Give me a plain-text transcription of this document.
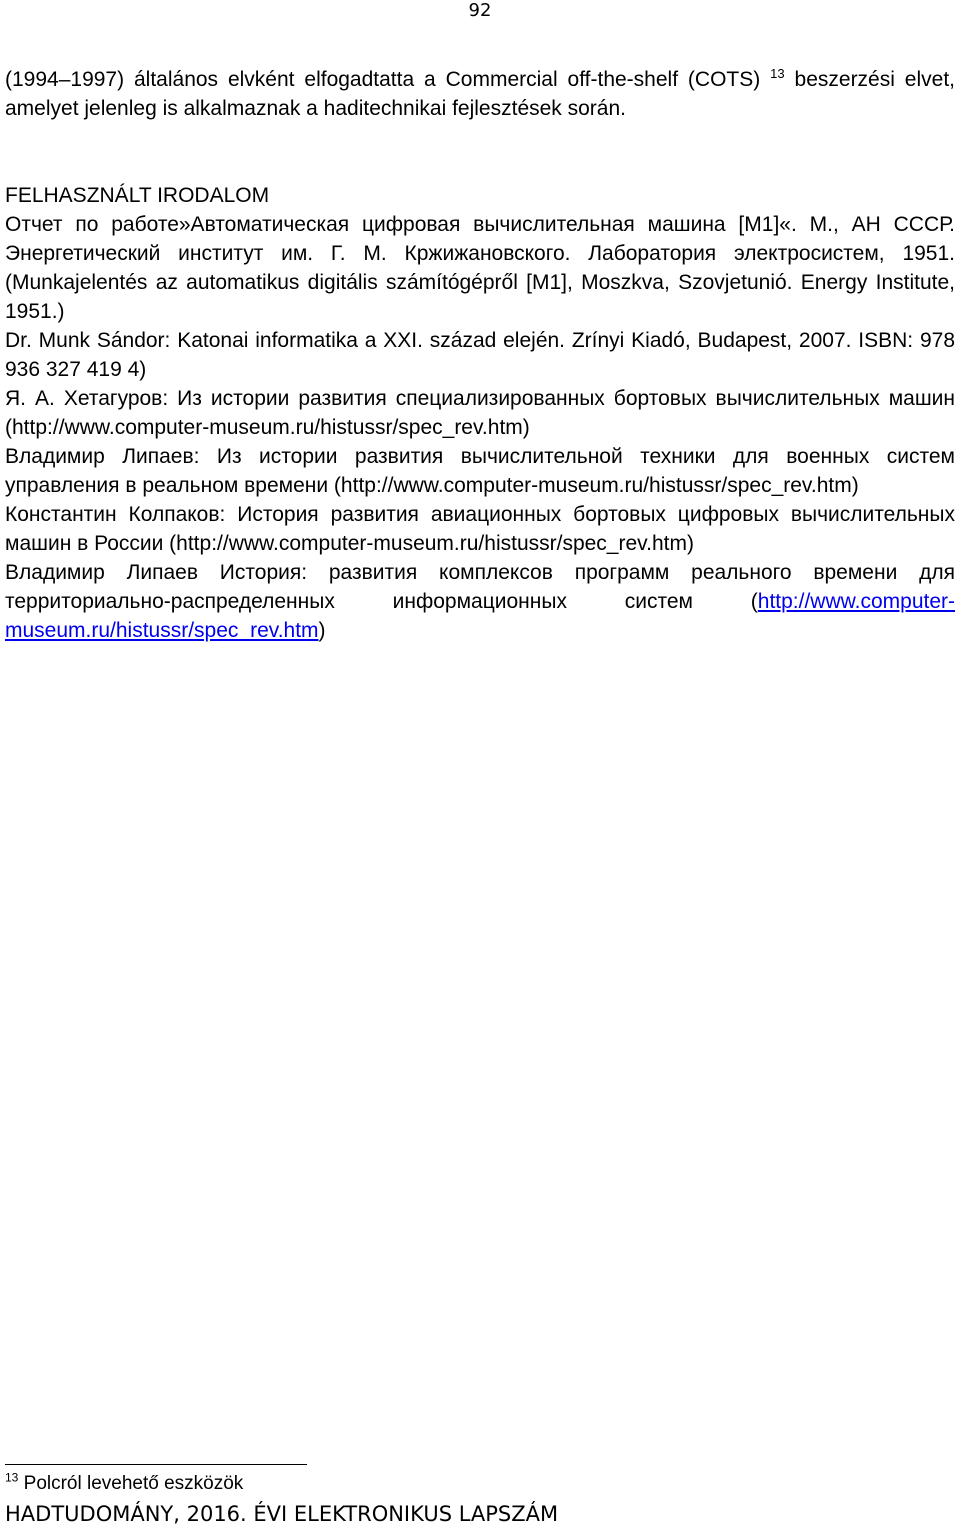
92

(1994–1997) általános elvként elfogadtatta a Commercial off-the-shelf (COTS) $^{13}$ beszerzési elvet, amelyet jelenleg is alkalmaznak a haditechnikai fejlesztések során.

FELHASZNÁLT IRODALOM

Отчет по работе»Автоматическая цифровая вычислительная машина [M1]«. М., АН СССР. Энергетический институт им. Г. М. Кржижановского. Лаборатория электросистем, 1951. (Munkajelentés az automatikus digitális számítógépről [M1], Moszkva, Szovjetunió. Energy Institute, 1951.)

Dr. Munk Sándor: Katonai informatika a XXI. század elején. Zrínyi Kiadó, Budapest, 2007. ISBN: 978 936 327 419 4)

Я. А. Хетагуров: Из истории развития специализированных бортовых вычислительных машин (http://www.computer-museum.ru/histussr/spec_rev.htm)

Владимир Липаев: Из истории развития вычислительной техники для военных систем управления в реальном времени (http://www.computer-museum.ru/histussr/spec_rev.htm)

Константин Колпаков: История развития авиационных бортовых цифровых вычислительных машин в России (http://www.computer-museum.ru/histussr/spec_rev.htm)

Владимир Липаев История: развития комплексов программ реального времени для территориально-распределенных информационных систем (http://www.computer-museum.ru/histussr/spec_rev.htm)

$^{13}$ Polcról levehető eszközök
HADTUDOMÁNY, 2016. ÉVI ELEKTRONIKUS LAPSZÁM
